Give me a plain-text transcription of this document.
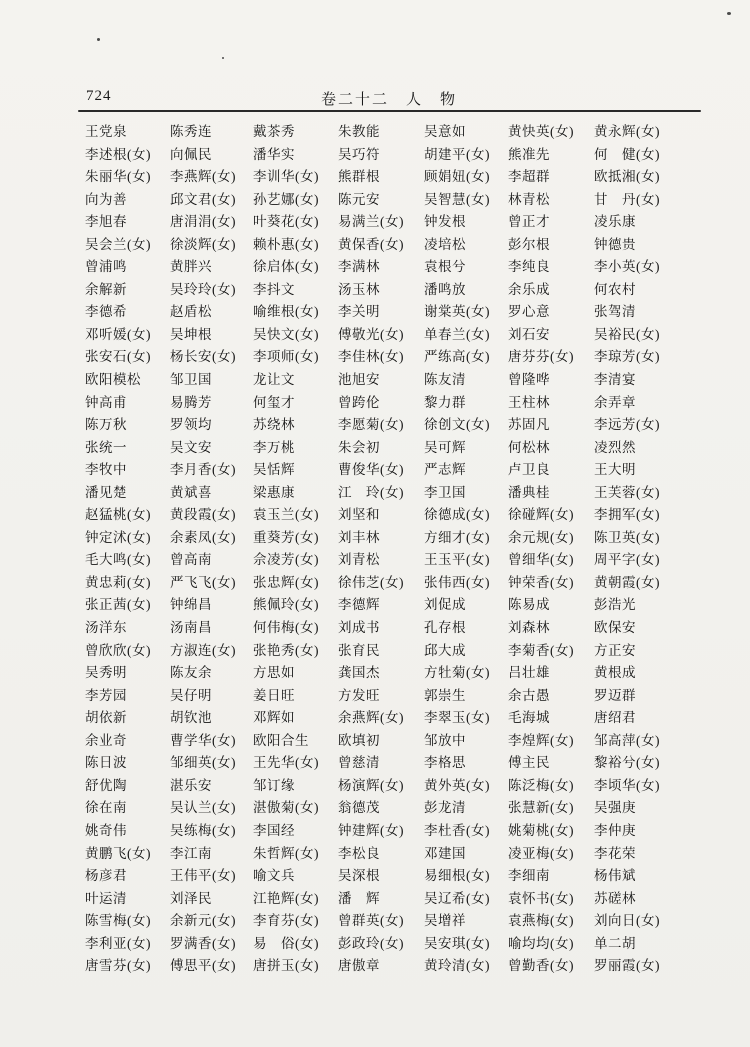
724	卷二十二　人　物
王党泉	陈秀连	戴茶秀	朱教能	吴意如	黄快英(女)	黄永辉(女)
李述根(女)	向佩民	潘华实	吴巧符	胡建平(女)	熊准先	何　健(女)
朱丽华(女)	李燕辉(女)	李训华(女)	熊群根	顾娟妞(女)	李超群	欧抵湘(女)
向为善	邱文君(女)	孙艺娜(女)	陈元安	吴智慧(女)	林青松	甘　丹(女)
李旭春	唐涓涓(女)	叶葵花(女)	易满兰(女)	钟发根	曾正才	凌乐康
吴会兰(女)	徐淡辉(女)	赖朴惠(女)	黄保香(女)	凌培松	彭尔根	钟德贵
曾浦鸣	黄胖兴	徐启体(女)	李满林	袁根兮	李纯良	李小英(女)
余解新	吴玲玲(女)	李抖文	汤玉林	潘鸣放	余乐成	何农村
李德希	赵盾松	喻维根(女)	李关明	谢棠英(女)	罗心意	张驾清
邓听媛(女)	吴坤根	吴快文(女)	傅敬光(女)	单春兰(女)	刘石安	吴裕民(女)
张安石(女)	杨长安(女)	李项师(女)	李佳林(女)	严练高(女)	唐芬芬(女)	李琼芳(女)
欧阳模松	邹卫国	龙让文	池旭安	陈友清	曾隆哗	李清宴
钟高甫	易腾芳	何玺才	曾跨伦	黎力群	王柱林	余弄章
陈万秋	罗领均	苏绕林	李愿菊(女)	徐创文(女)	苏固凡	李远芳(女)
张统一	吴文安	李万桃	朱会初	吴可辉	何松林	凌烈然
李牧中	李月香(女)	吴恬辉	曹俊华(女)	严志辉	卢卫良	王大明
潘见楚	黄斌喜	梁惠康	江　玲(女)	李卫国	潘典桂	王芙蓉(女)
赵猛桃(女)	黄段霞(女)	袁玉兰(女)	刘坚和	徐德成(女)	徐碰辉(女)	李拥军(女)
钟定沭(女)	余素凤(女)	重葵芳(女)	刘丰林	方细才(女)	余元规(女)	陈卫英(女)
毛大鸣(女)	曾高南	佘凌芳(女)	刘青松	王玉平(女)	曾细华(女)	周平字(女)
黄忠莉(女)	严飞飞(女)	张忠辉(女)	徐伟芝(女)	张伟西(女)	钟荣香(女)	黄朝霞(女)
张正茜(女)	钟绵昌	熊佩玲(女)	李德辉	刘促成	陈易成	彭浩光
汤洋东	汤南昌	何伟梅(女)	刘成书	孔存根	刘森林	欧保安
曾欣欣(女)	方淑连(女)	张艳秀(女)	张育民	邱大成	李菊香(女)	方正安
吴秀明	陈友余	方思如	龚国杰	方牡菊(女)	吕壮雄	黄根成
李芳园	吴仔明	姜日旺	方发旺	郭崇生	余古愚	罗迈群
胡依新	胡钦池	邓辉如	余燕辉(女)	李翠玉(女)	毛海城	唐绍君
余业奇	曹学华(女)	欧阳合生	欧填初	邹放中	李煌辉(女)	邹高萍(女)
陈日波	邹细英(女)	王先华(女)	曾慈清	李格思	傅主民	黎裕兮(女)
舒优陶	湛乐安	邹订缘	杨演辉(女)	黄外英(女)	陈泛梅(女)	李顷华(女)
徐在南	吴认兰(女)	湛傲菊(女)	翁德茂	彭龙清	张慧新(女)	吴强庚
姚奇伟	吴练梅(女)	李国经	钟建辉(女)	李杜香(女)	姚菊桃(女)	李仲庚
黄鹏飞(女)	李江南	朱哲辉(女)	李松良	邓建国	凌亚梅(女)	李花荣
杨彦君	王伟平(女)	喻文兵	吴深根	易细根(女)	李细南	杨伟斌
叶运清	刘泽民	江艳辉(女)	潘　辉	吴辽希(女)	袁怀书(女)	苏磋林
陈雪梅(女)	余新元(女)	李育芬(女)	曾群英(女)	吴增祥	袁燕梅(女)	刘向日(女)
李利亚(女)	罗满香(女)	易　俗(女)	彭政玲(女)	吴安琪(女)	喻均均(女)	单二胡
唐雪芬(女)	傅思平(女)	唐拼玉(女)	唐傲章	黄玲清(女)	曾勤香(女)	罗丽霞(女)
